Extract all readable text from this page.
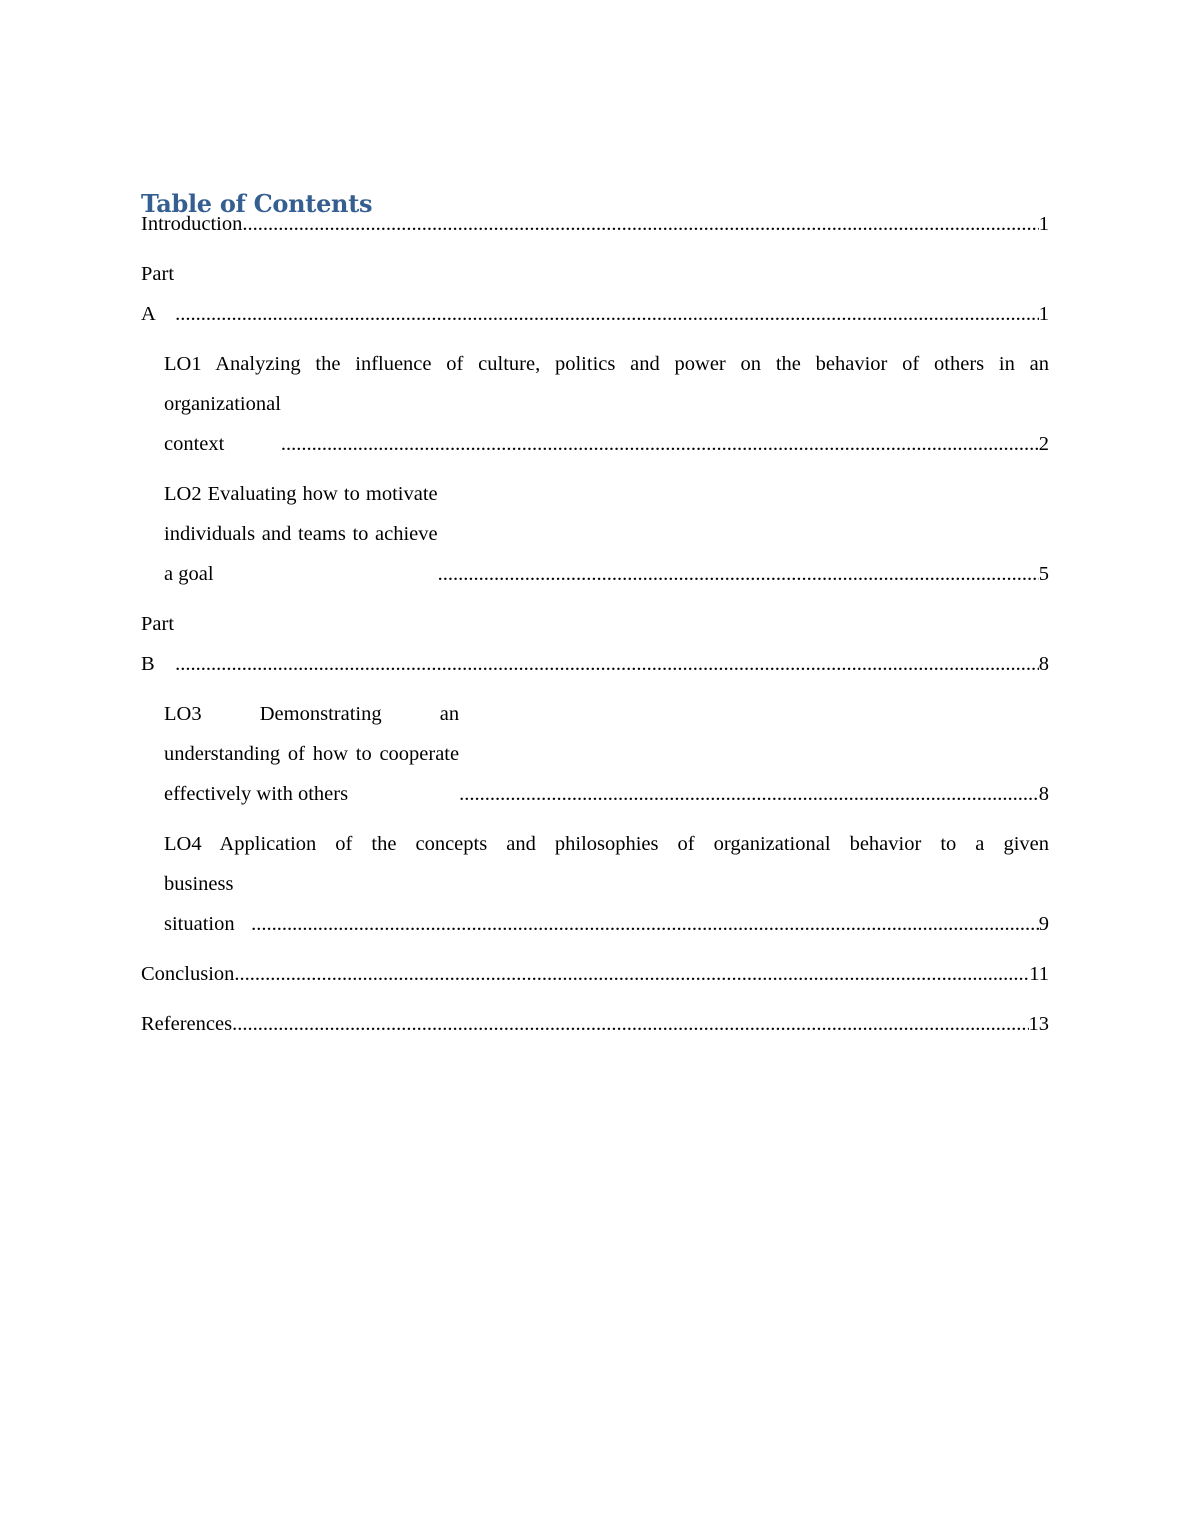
Table of Contents
Introduction .....	1
Part A .....	1
LO1 Analyzing the influence of culture, politics and power on the behavior of others in an
organizational context .....	2
LO2 Evaluating how to motivate individuals and teams to achieve a goal .....	5
Part B .....	8
LO3 Demonstrating an understanding of how to cooperate effectively with others .....	8
LO4 Application of the concepts and philosophies of organizational behavior to a given
business situation .....	9
Conclusion .....	11
References .....	13
